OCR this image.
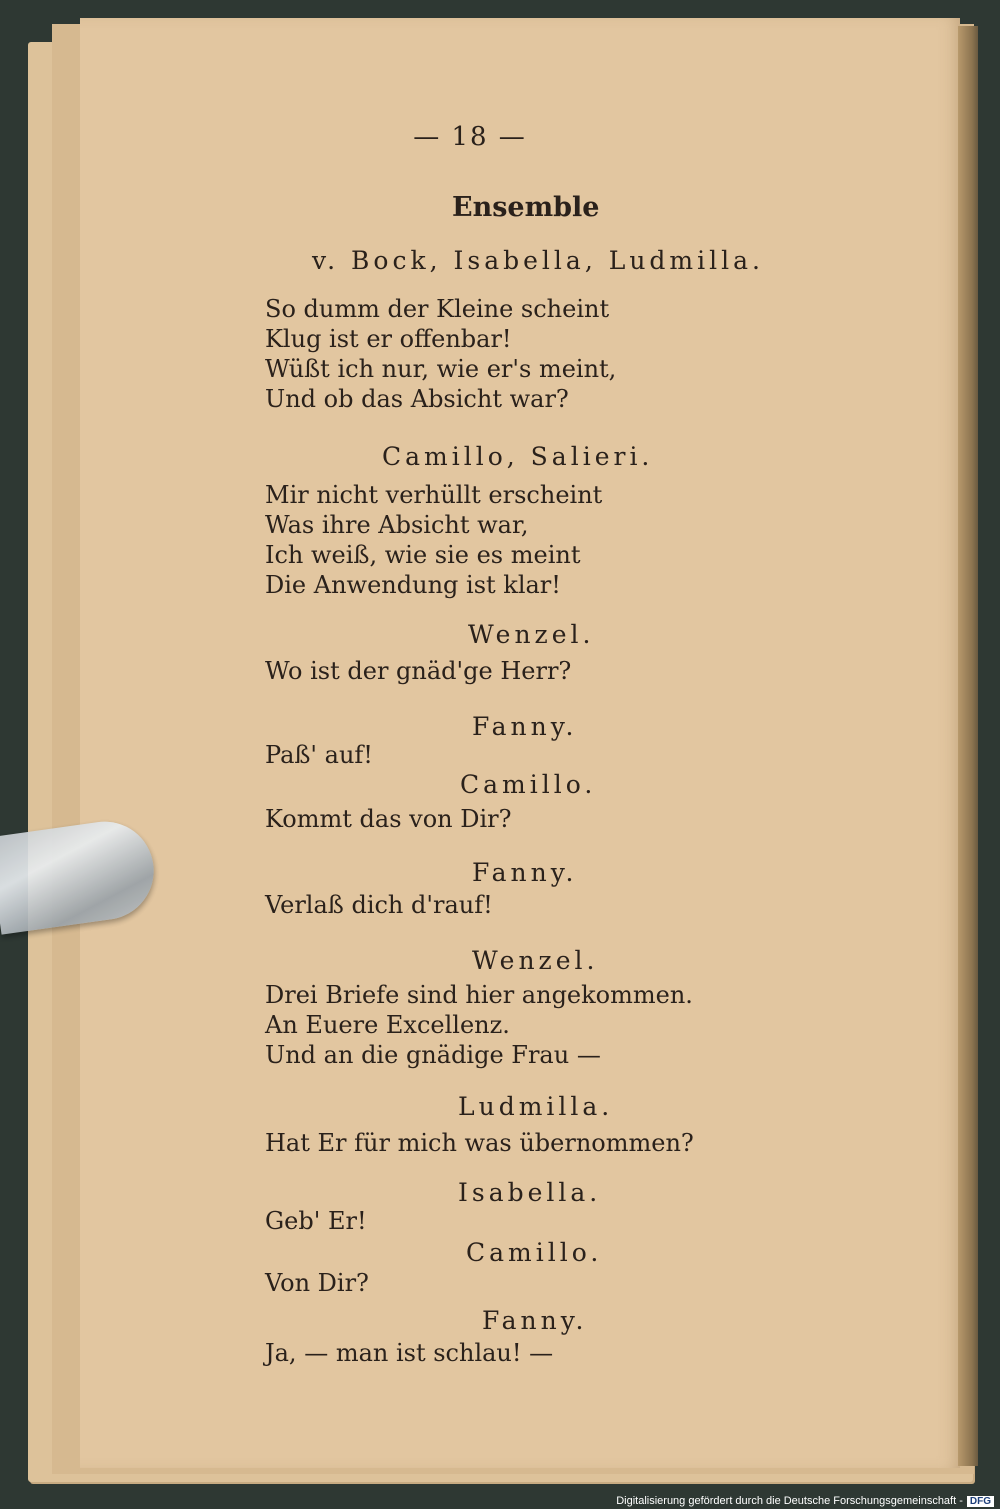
— 18 —
Ensemble
v. Bock, Isabella, Ludmilla.
So dumm der Kleine scheint
Klug ist er offenbar!
Wüßt ich nur, wie er's meint,
Und ob das Absicht war?
Camillo, Salieri.
Mir nicht verhüllt erscheint
Was ihre Absicht war,
Ich weiß, wie sie es meint
Die Anwendung ist klar!
Wenzel.
Wo ist der gnäd'ge Herr?
Fanny.
Paß' auf!
Camillo.
Kommt das von Dir?
Fanny.
Verlaß dich d'rauf!
Wenzel.
Drei Briefe sind hier angekommen.
An Euere Excellenz.
Und an die gnädige Frau —
Ludmilla.
Hat Er für mich was übernommen?
Isabella.
Geb' Er!
Camillo.
Von Dir?
Fanny.
Ja, — man ist schlau! —
Digitalisierung gefördert durch die Deutsche Forschungsgemeinschaft - DFG
